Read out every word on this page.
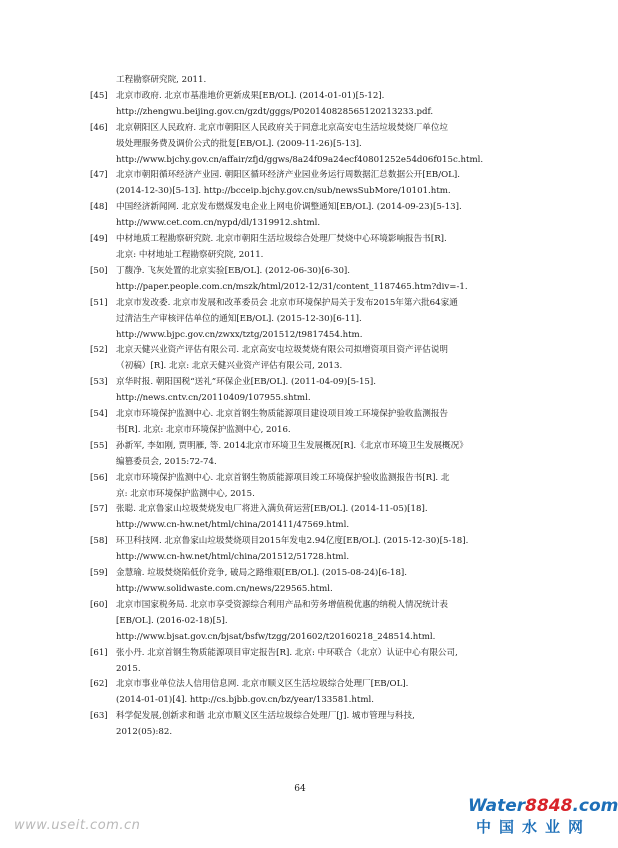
工程勘察研究院, 2011.
[45] 北京市政府. 北京市基准地价更新成果[EB/OL]. (2014-01-01)[5-12].
http://zhengwu.beijing.gov.cn/gzdt/gggs/P020140828565120213233.pdf.
[46] 北京朝阳区人民政府. 北京市朝阳区人民政府关于同意北京高安屯生活垃圾焚烧厂单位垃
圾处理服务费及调价公式的批复[EB/OL]. (2009-11-26)[5-13].
http://www.bjchy.gov.cn/affair/zfjd/ggws/8a24f09a24ecf40801252e54d06f015c.html.
[47] 北京市朝阳循环经济产业园. 朝阳区循环经济产业园业务运行周数据汇总数据公开[EB/OL].
(2014-12-30)[5-13]. http://bcceip.bjchy.gov.cn/sub/newsSubMore/10101.htm.
[48] 中国经济新闻网. 北京发布燃煤发电企业上网电价调整通知[EB/OL]. (2014-09-23)[5-13].
http://www.cet.com.cn/nypd/dl/1319912.shtml.
[49] 中材地质工程勘察研究院. 北京市朝阳生活垃圾综合处理厂焚烧中心环境影响报告书[R].
北京: 中材地址工程勘察研究院, 2011.
[50] 丁馥净. 飞灰处置的北京实验[EB/OL]. (2012-06-30)[6-30].
http://paper.people.com.cn/mszk/html/2012-12/31/content_1187465.htm?div=-1.
[51] 北京市发改委. 北京市发展和改革委员会 北京市环境保护局关于发布2015年第六批64家通
过清洁生产审核评估单位的通知[EB/OL]. (2015-12-30)[6-11].
http://www.bjpc.gov.cn/zwxx/tztg/201512/t9817454.htm.
[52] 北京天健兴业资产评估有限公司. 北京高安屯垃圾焚烧有限公司拟增资项目资产评估说明
（初稿）[R]. 北京: 北京天健兴业资产评估有限公司, 2013.
[53] 京华时报. 朝阳国税“送礼”环保企业[EB/OL]. (2011-04-09)[5-15].
http://news.cntv.cn/20110409/107955.shtml.
[54] 北京市环境保护监测中心. 北京首钢生物质能源项目建设项目竣工环境保护验收监测报告
书[R]. 北京: 北京市环境保护监测中心, 2016.
[55] 孙新军, 李如刚, 贾明雁, 等. 2014北京市环境卫生发展概况[R].《北京市环境卫生发展概况》
编篡委员会, 2015:72-74.
[56] 北京市环境保护监测中心. 北京首钢生物质能源项目竣工环境保护验收监测报告书[R]. 北
京: 北京市环境保护监测中心, 2015.
[57] 张聪. 北京鲁家山垃圾焚烧发电厂将进入满负荷运营[EB/OL]. (2014-11-05)[18].
http://www.cn-hw.net/html/china/201411/47569.html.
[58] 环卫科技网. 北京鲁家山垃圾焚烧项目2015年发电2.94亿度[EB/OL]. (2015-12-30)[5-18].
http://www.cn-hw.net/html/china/201512/51728.html.
[59] 金慧瑜. 垃圾焚烧陷低价竞争, 破局之路维艰[EB/OL]. (2015-08-24)[6-18].
http://www.solidwaste.com.cn/news/229565.html.
[60] 北京市国家税务局. 北京市享受资源综合利用产品和劳务增值税优惠的纳税人情况统计表
[EB/OL]. (2016-02-18)[5].
http://www.bjsat.gov.cn/bjsat/bsfw/tzgg/201602/t20160218_248514.html.
[61] 张小丹. 北京首钢生物质能源项目审定报告[R]. 北京: 中环联合（北京）认证中心有限公司,
2015.
[62] 北京市事业单位法人信用信息网. 北京市顺义区生活垃圾综合处理厂[EB/OL].
(2014-01-01)[4]. http://cs.bjbb.gov.cn/bz/year/133581.html.
[63] 科学促发展,创新求和谐 北京市顺义区生活垃圾综合处理厂[J]. 城市管理与科技,
2012(05):82.
64
www.useit.com.cn
Water8848.com
中国水业网
